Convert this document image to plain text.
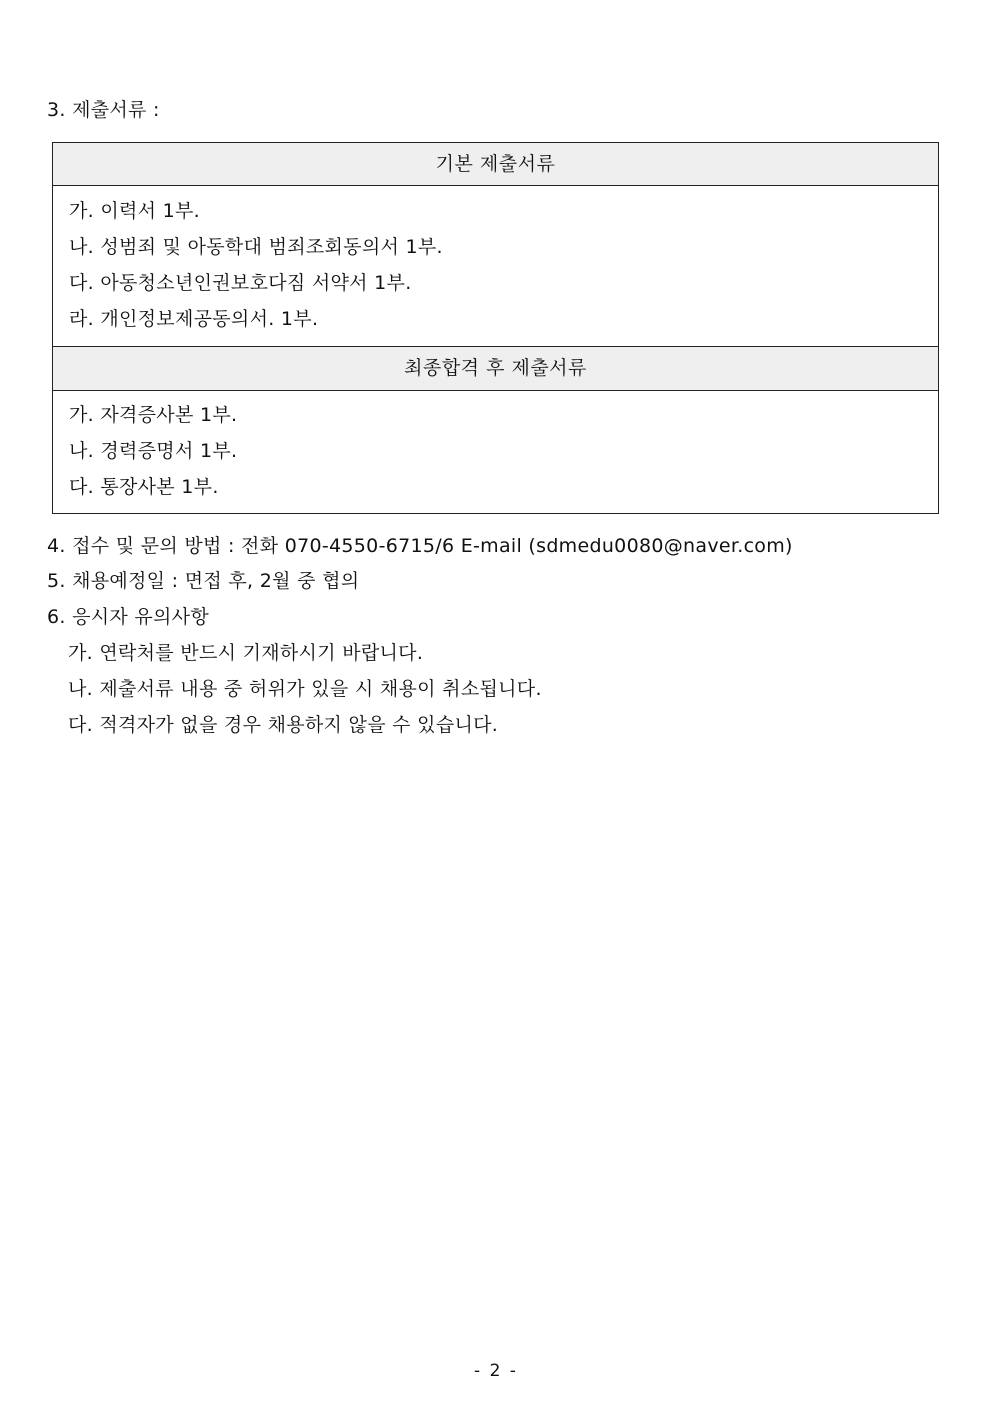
3. 제출서류 :
기본 제출서류
가. 이력서 1부.
나. 성범죄 및 아동학대 범죄조회동의서 1부.
다. 아동청소년인권보호다짐 서약서 1부.
라. 개인정보제공동의서. 1부.
최종합격 후 제출서류
가. 자격증사본 1부.
나. 경력증명서 1부.
다. 통장사본 1부.
4. 접수 및 문의 방법 : 전화 070-4550-6715/6 E-mail (sdmedu0080@naver.com)
5. 채용예정일 : 면접 후, 2월 중 협의
6. 응시자 유의사항
가. 연락처를 반드시 기재하시기 바랍니다.
나. 제출서류 내용 중 허위가 있을 시 채용이 취소됩니다.
다. 적격자가 없을 경우 채용하지 않을 수 있습니다.
- 2 -
